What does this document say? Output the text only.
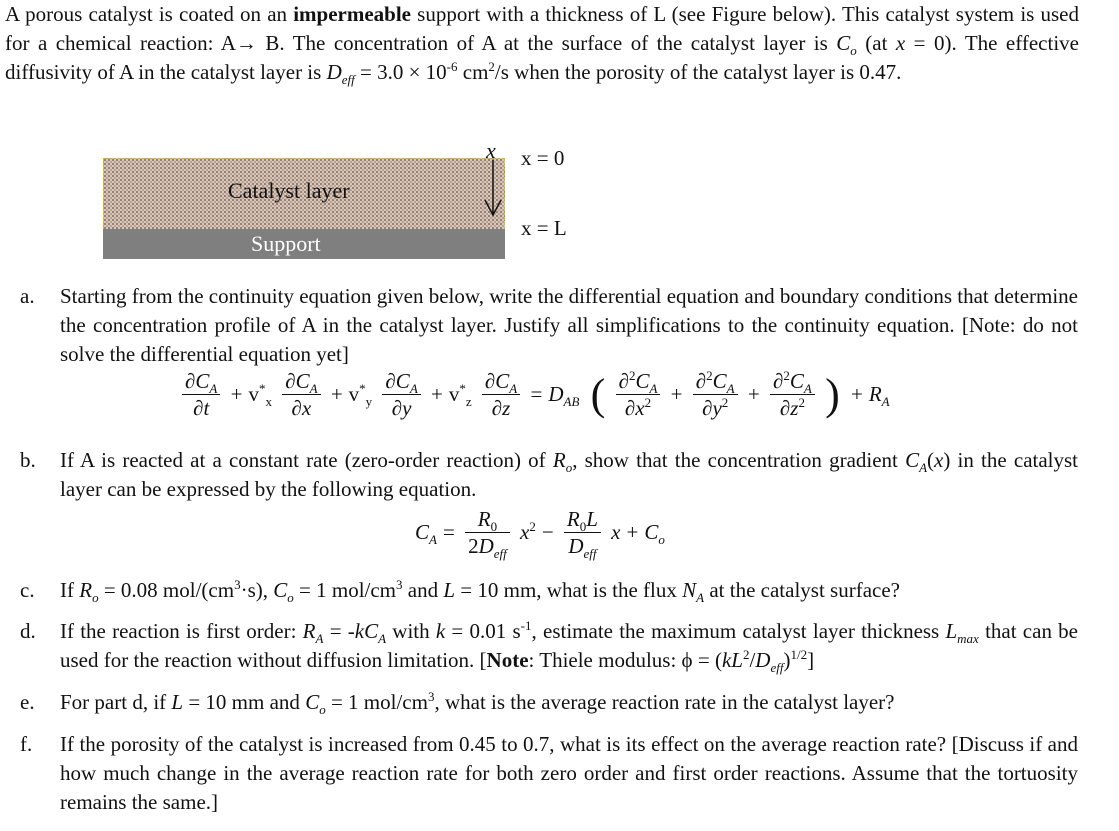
A porous catalyst is coated on an impermeable support with a thickness of L (see Figure below). This catalyst system is used for a chemical reaction: A→ B. The concentration of A at the surface of the catalyst layer is $C_o$ (at x = 0). The effective diffusivity of A in the catalyst layer is $D_{eff} = 3.0 \times 10^{-6}$ $cm^2/s$ when the porosity of the catalyst layer is 0.47.
Catalyst layer
Support
x x = 0
x = L
a.	Starting from the continuity equation given below, write the differential equation and boundary conditions that determine the concentration profile of A in the catalyst layer. Justify all simplifications to the continuity equation. [Note: do not solve the differential equation yet]
$\frac{\partial C_A}{\partial t} + v^*_x \frac{\partial C_A}{\partial x} + v^*_y \frac{\partial C_A}{\partial y} + v^*_z \frac{\partial C_A}{\partial z} = D_{AB}$ ( $\frac{\partial^2C_A}{\partial x^2} + \frac{\partial^2C_A}{\partial y^2} + \frac{\partial^2C_A}{\partial z^2}$ ) + $R_A$
b.	If A is reacted at a constant rate (zero-order reaction) of $R_o$, show that the concentration gradient $C_A(x)$ in the catalyst layer can be expressed by the following equation.
$C_A = \frac{R_0}{2D_{eff}} x^2 - \frac{R_0L}{D_{eff}}$ $x + C_o$
c.	If $R_o = 0.08$ mol/$(cm^3\cdot s)$, $C_o = 1$ mol/$cm^3$ and L = 10 mm, what is the flux $N_A$ at the catalyst surface?
d.	If the reaction is first order: $R_A = -kC_A$ with k = 0.01 $s^{-1}$, estimate the maximum catalyst layer thickness $L_{max}$ that can be used for the reaction without diffusion limitation. [Note: Thiele modulus: $\phi = (kL^2/D_{eff})^{1/2}$]
e.	For part d, if L = 10 mm and $C_o = 1$ mol/$cm^3$, what is the average reaction rate in the catalyst layer?
f.	If the porosity of the catalyst is increased from 0.45 to 0.7, what is its effect on the average reaction rate? [Discuss if and how much change in the average reaction rate for both zero order and first order reactions. Assume that the tortuosity remains the same.]
